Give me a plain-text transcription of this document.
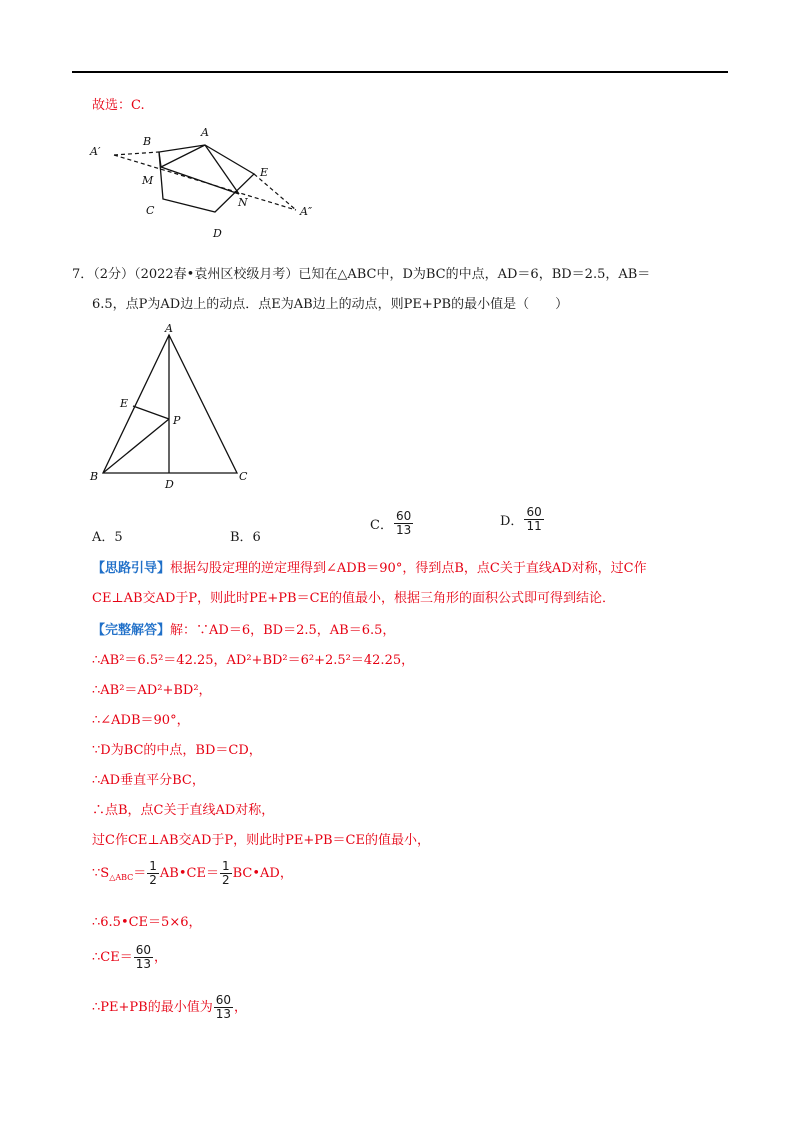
故选：C.
A′
B
A
M
E
N
C
D
A″
7．（2分）（2022春•袁州区校级月考）已知在△ABC中，D为BC的中点，AD＝6，BD＝2.5，AB＝
6.5，点P为AD边上的动点．点E为AB边上的动点，则PE+PB的最小值是（　　）
A
E
P
B
D
C
A．5	B．6
C． $\frac{60}{13}$	D． $\frac{60}{11}$
【思路引导】根据勾股定理的逆定理得到∠ADB＝90°，得到点B，点C关于直线AD对称，过C作
CE⊥AB交AD于P，则此时PE+PB＝CE的值最小，根据三角形的面积公式即可得到结论．
【完整解答】解：∵AD＝6，BD＝2.5，AB＝6.5，
∴AB²＝6.5²＝42.25，AD²+BD²＝6²+2.5²＝42.25，
∴AB²＝AD²+BD²，
∴∠ADB＝90°，
∵D为BC的中点，BD＝CD，
∴AD垂直平分BC，
∴点B，点C关于直线AD对称，
过C作CE⊥AB交AD于P，则此时PE+PB＝CE的值最小，
$\because S_{\triangle ABC}= \frac{1}{2}$ AB•CE＝ $\frac{1}{2}$ BC•AD，
∴6.5•CE＝5×6，
∴CE＝ $\frac{60}{13}$ ，
∴PE+PB的最小值为 $\frac{60}{13}$ ，
